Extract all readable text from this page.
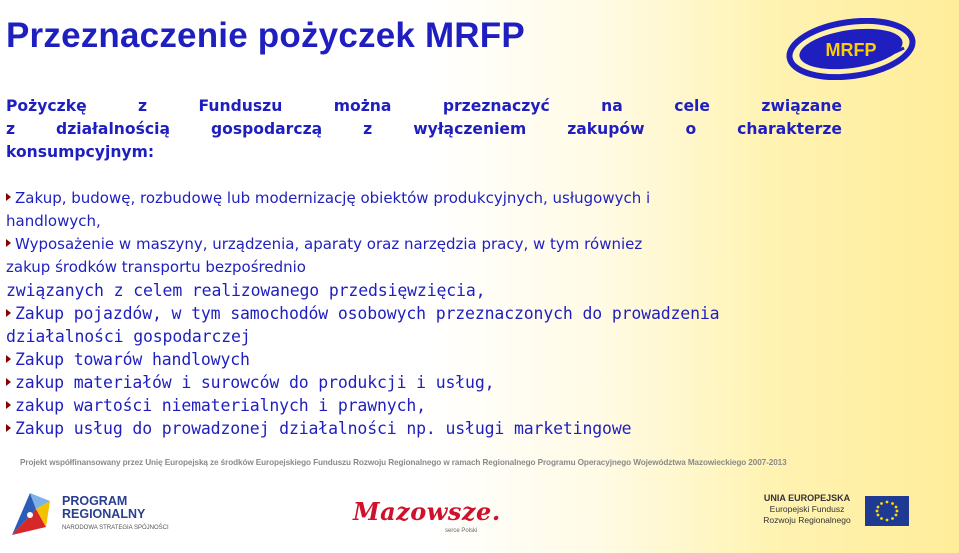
Przeznaczenie pożyczek MRFP	MRFP
Pożyczkę z Funduszu można przeznaczyć na cele związane
z działalnością gospodarczą z wyłączeniem zakupów o charakterze
konsumpcyjnym:
Zakup, budowę, rozbudowę lub modernizację obiektów produkcyjnych, usługowych i
handlowych,
Wyposażenie w maszyny, urządzenia, aparaty oraz narzędzia pracy, w tym równiez
zakup środków transportu bezpośrednio
związanych z celem realizowanego przedsięwzięcia,
Zakup pojazdów, w tym samochodów osobowych przeznaczonych do prowadzenia
działalności gospodarczej
Zakup towarów handlowych
zakup materiałów i surowców do produkcji i usług,
zakup wartości niematerialnych i prawnych,
Zakup usług do prowadzonej działalności np. usługi marketingowe
Projekt współfinansowany przez Unię Europejską ze środków Europejskiego Funduszu Rozwoju Regionalnego w ramach Regionalnego Programu Operacyjnego Województwa Mazowieckiego 2007-2013
PROGRAM
REGIONALNY
NARODOWA STRATEGIA SPÓJNOŚCI
Mazowsze.
serce Polski
UNIA EUROPEJSKA
Europejski Fundusz
Rozwoju Regionalnego
